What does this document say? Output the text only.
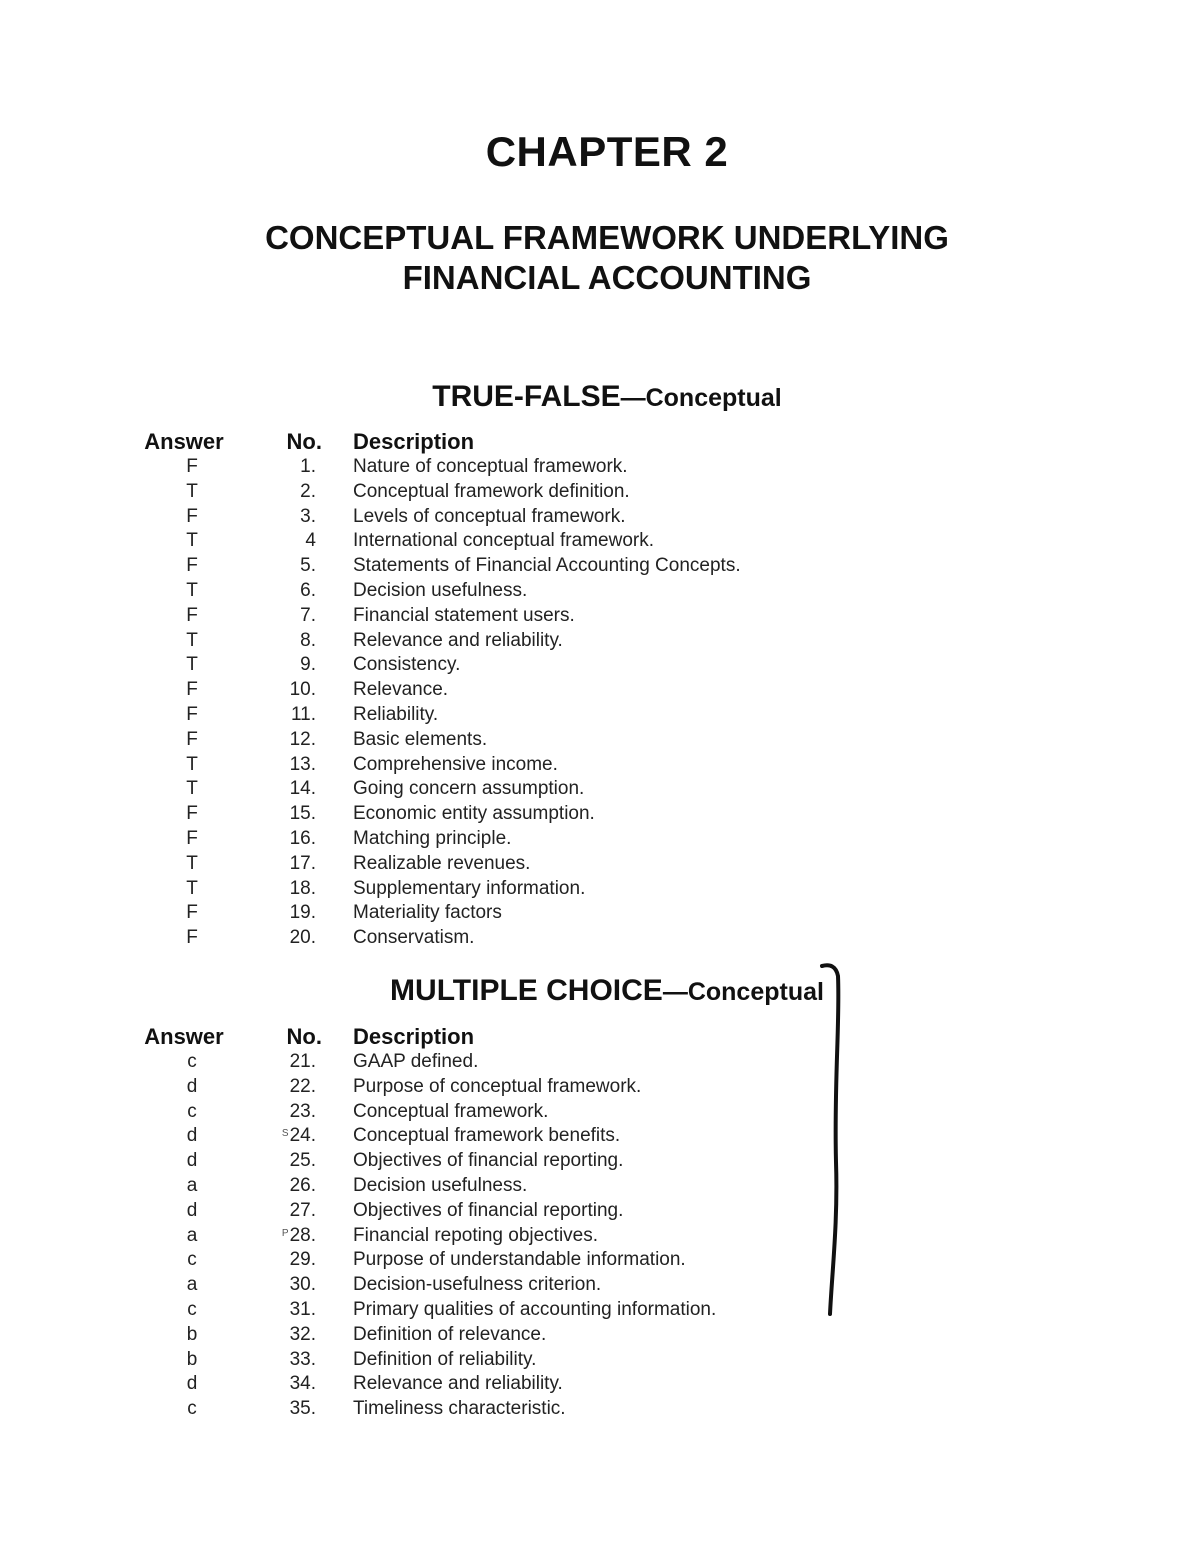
CHAPTER 2
CONCEPTUAL FRAMEWORK UNDERLYING
FINANCIAL ACCOUNTING
TRUE-FALSE—Conceptual
Answer	No. Description
F	1. Nature of conceptual framework.
T	2. Conceptual framework definition.
F	3. Levels of conceptual framework.
T	4 International conceptual framework.
F	5. Statements of Financial Accounting Concepts.
T	6. Decision usefulness.
F	7. Financial statement users.
T	8. Relevance and reliability.
T	9. Consistency.
F	10. Relevance.
F	11. Reliability.
F	12. Basic elements.
T	13. Comprehensive income.
T	14. Going concern assumption.
F	15. Economic entity assumption.
F	16. Matching principle.
T	17. Realizable revenues.
T	18. Supplementary information.
F	19. Materiality factors
F	20. Conservatism.
MULTIPLE CHOICE—Conceptual
Answer	No. Description
c	21. GAAP defined.
d	22. Purpose of conceptual framework.
c	23. Conceptual framework.
d	$^S$24. Conceptual framework benefits.
d	25. Objectives of financial reporting.
a	26. Decision usefulness.
d	27. Objectives of financial reporting.
a	$^P$28. Financial repoting objectives.
c	29. Purpose of understandable information.
a	30. Decision-usefulness criterion.
c	31. Primary qualities of accounting information.
b	32. Definition of relevance.
b	33. Definition of reliability.
d	34. Relevance and reliability.
c	35. Timeliness characteristic.
